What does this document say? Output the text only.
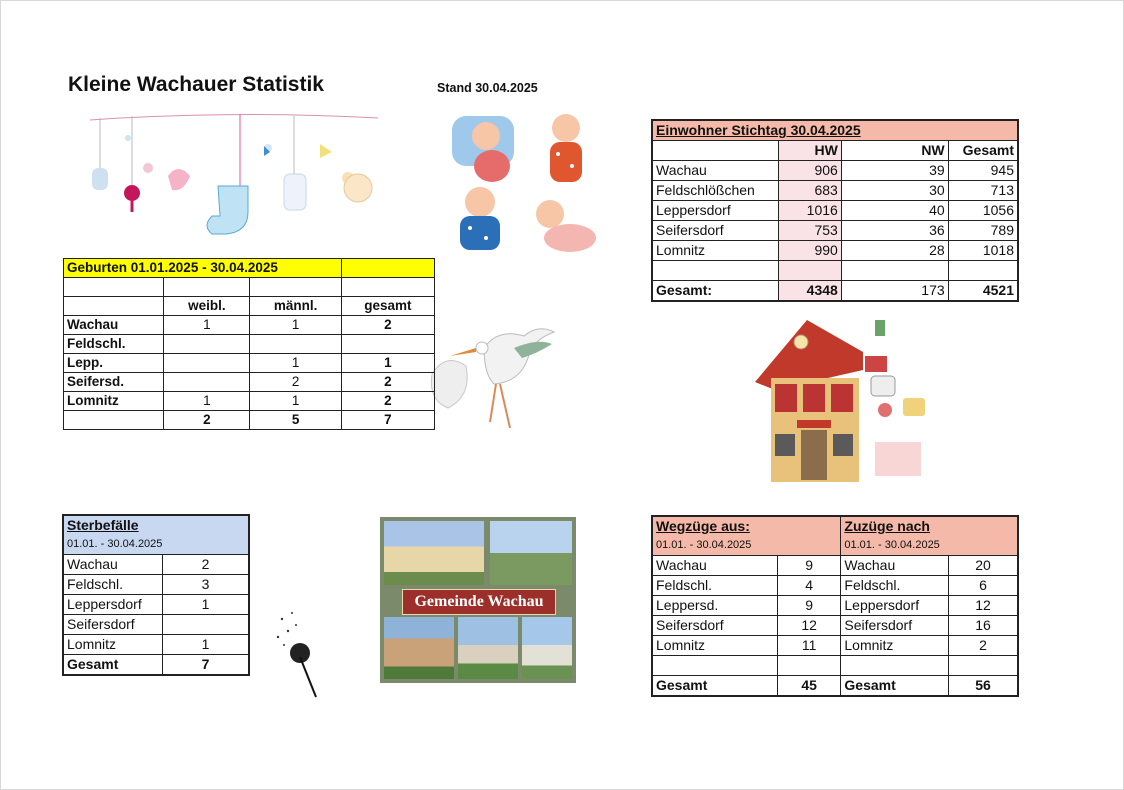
Kleine Wachauer Statistik	Stand 30.04.2025
Gemeinde Wachau
Geburten 01.01.2025 - 30.04.2025			

	weibl.	männl.	gesamt
Wachau	1	1	2
Feldschl.			
Lepp.		1	1
Seifersd.		2	2
Lomnitz	1	1	2
	2	5	7
Einwohner Stichtag 30.04.2025			
	HW	NW	Gesamt
Wachau	906	39	945
Feldschlößchen	683	30	713
Leppersdorf	1016	40	1056
Seifersdorf	753	36	789
Lomnitz	990	28	1018

Gesamt:	4348	173	4521
Sterbefälle	
01.01. - 30.04.2025	
Wachau	2
Feldschl.	3
Leppersdorf	1
Seifersdorf	
Lomnitz	1
Gesamt	7
Wegzüge aus:		Zuzüge nach	
01.01. - 30.04.2025		01.01. - 30.04.2025	
Wachau	9	Wachau	20
Feldschl.	4	Feldschl.	6
Leppersd.	9	Leppersdorf	12
Seifersdorf	12	Seifersdorf	16
Lomnitz	11	Lomnitz	2

Gesamt	45	Gesamt	56
